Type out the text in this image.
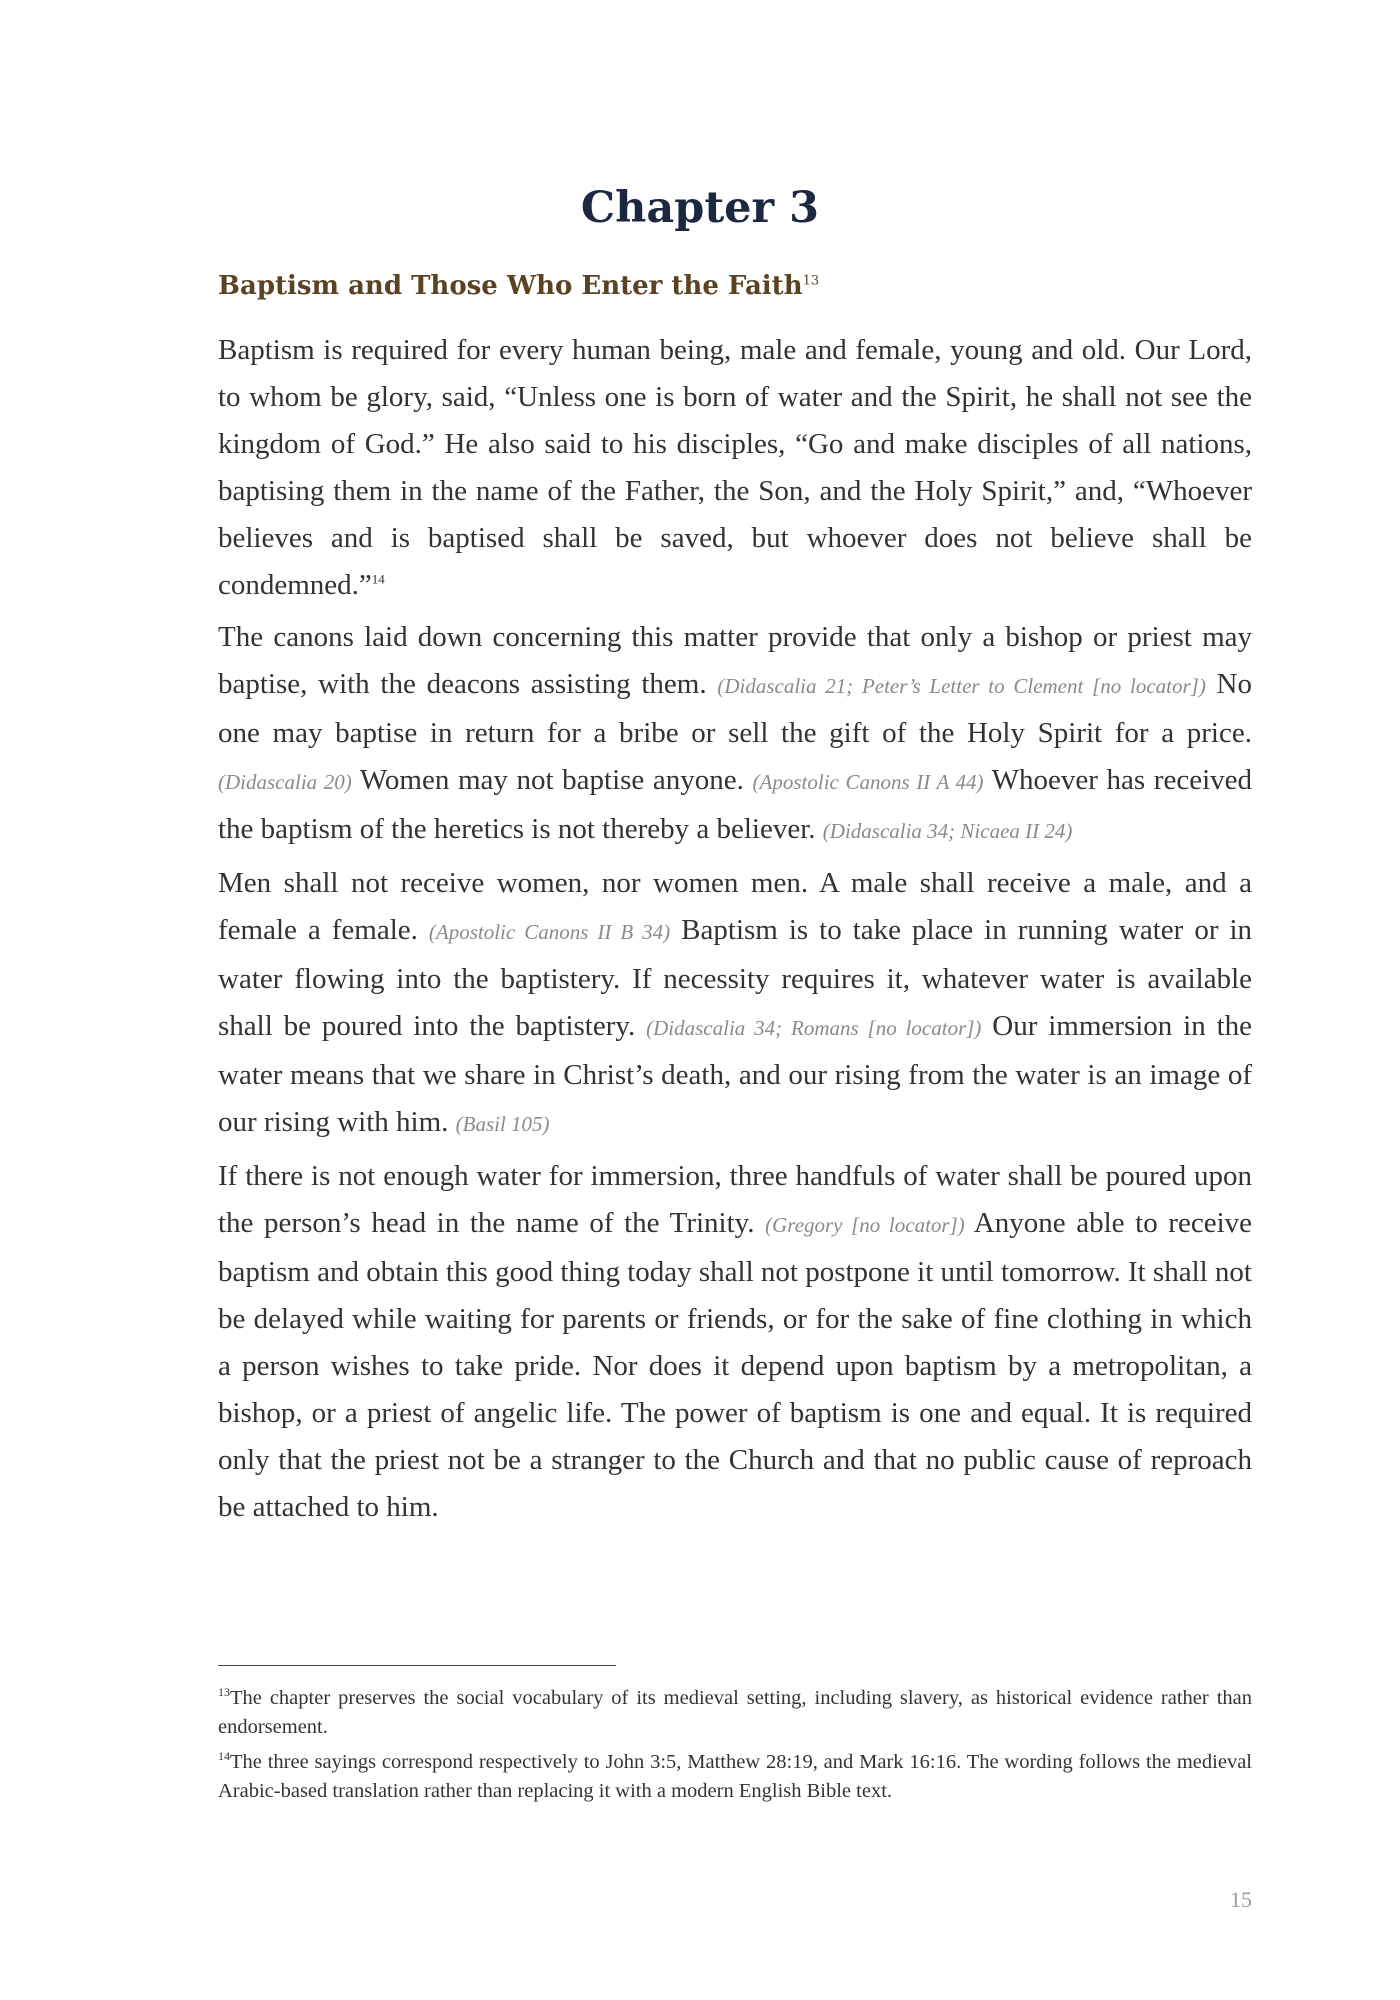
Chapter 3
Baptism and Those Who Enter the Faith$^{13}$

Baptism is required for every human being, male and female, young and old. Our Lord, to whom be glory, said, “Unless one is born of water and the Spirit, he shall not see the kingdom of God.” He also said to his disciples, “Go and make disciples of all nations, baptising them in the name of the Father, the Son, and the Holy Spirit,” and, “Whoever believes and is baptised shall be saved, but whoever does not believe shall be condemned.”$^{14}$

The canons laid down concerning this matter provide that only a bishop or priest may baptise, with the deacons assisting them. (Didascalia 21; Peter’s Letter to Clement [no locator]) No one may baptise in return for a bribe or sell the gift of the Holy Spirit for a price. (Didascalia 20) Women may not baptise anyone. (Apostolic Canons II A 44) Whoever has received the baptism of the heretics is not thereby a believer. (Didascalia 34; Nicaea II 24)

Men shall not receive women, nor women men. A male shall receive a male, and a female a female. (Apostolic Canons II B 34) Baptism is to take place in running water or in water flowing into the baptistery. If necessity requires it, whatever water is available shall be poured into the baptistery. (Didascalia 34; Romans [no locator]) Our immersion in the water means that we share in Christ’s death, and our rising from the water is an image of our rising with him. (Basil 105)

If there is not enough water for immersion, three handfuls of water shall be poured upon the person’s head in the name of the Trinity. (Gregory [no locator]) Anyone able to receive baptism and obtain this good thing today shall not postpone it until tomorrow. It shall not be delayed while waiting for parents or friends, or for the sake of fine clothing in which a person wishes to take pride. Nor does it depend upon baptism by a metropolitan, a bishop, or a priest of angelic life. The power of baptism is one and equal. It is required only that the priest not be a stranger to the Church and that no public cause of reproach be attached to him.

$^{13}$The chapter preserves the social vocabulary of its medieval setting, including slavery, as historical evidence rather than endorsement.

$^{14}$The three sayings correspond respectively to John 3:5, Matthew 28:19, and Mark 16:16. The wording follows the medieval Arabic-based translation rather than replacing it with a modern English Bible text.

15
